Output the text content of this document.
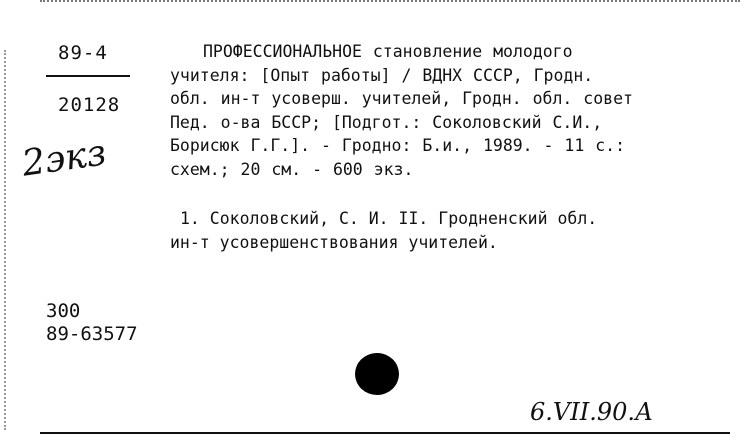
89-4
20128
2экз

ПРОФЕССИОНАЛЬНОЕ становление молодого

учителя: [Опыт работы] / ВДНХ СССР, Гродн.
обл. ин-т усоверш. учителей, Гродн. обл. совет
Пед. о-ва БССР; [Подгот.: Соколовский С.И.,
Борисюк Г.Г.]. - Гродно: Б.и., 1989. - 11 с.:
схем.; 20 см. - 600 экз.

1. Соколовский, С. И. II. Гродненский обл.

ин-т усовершенствования учителей.
300
89-63577
6.VII.90.А
